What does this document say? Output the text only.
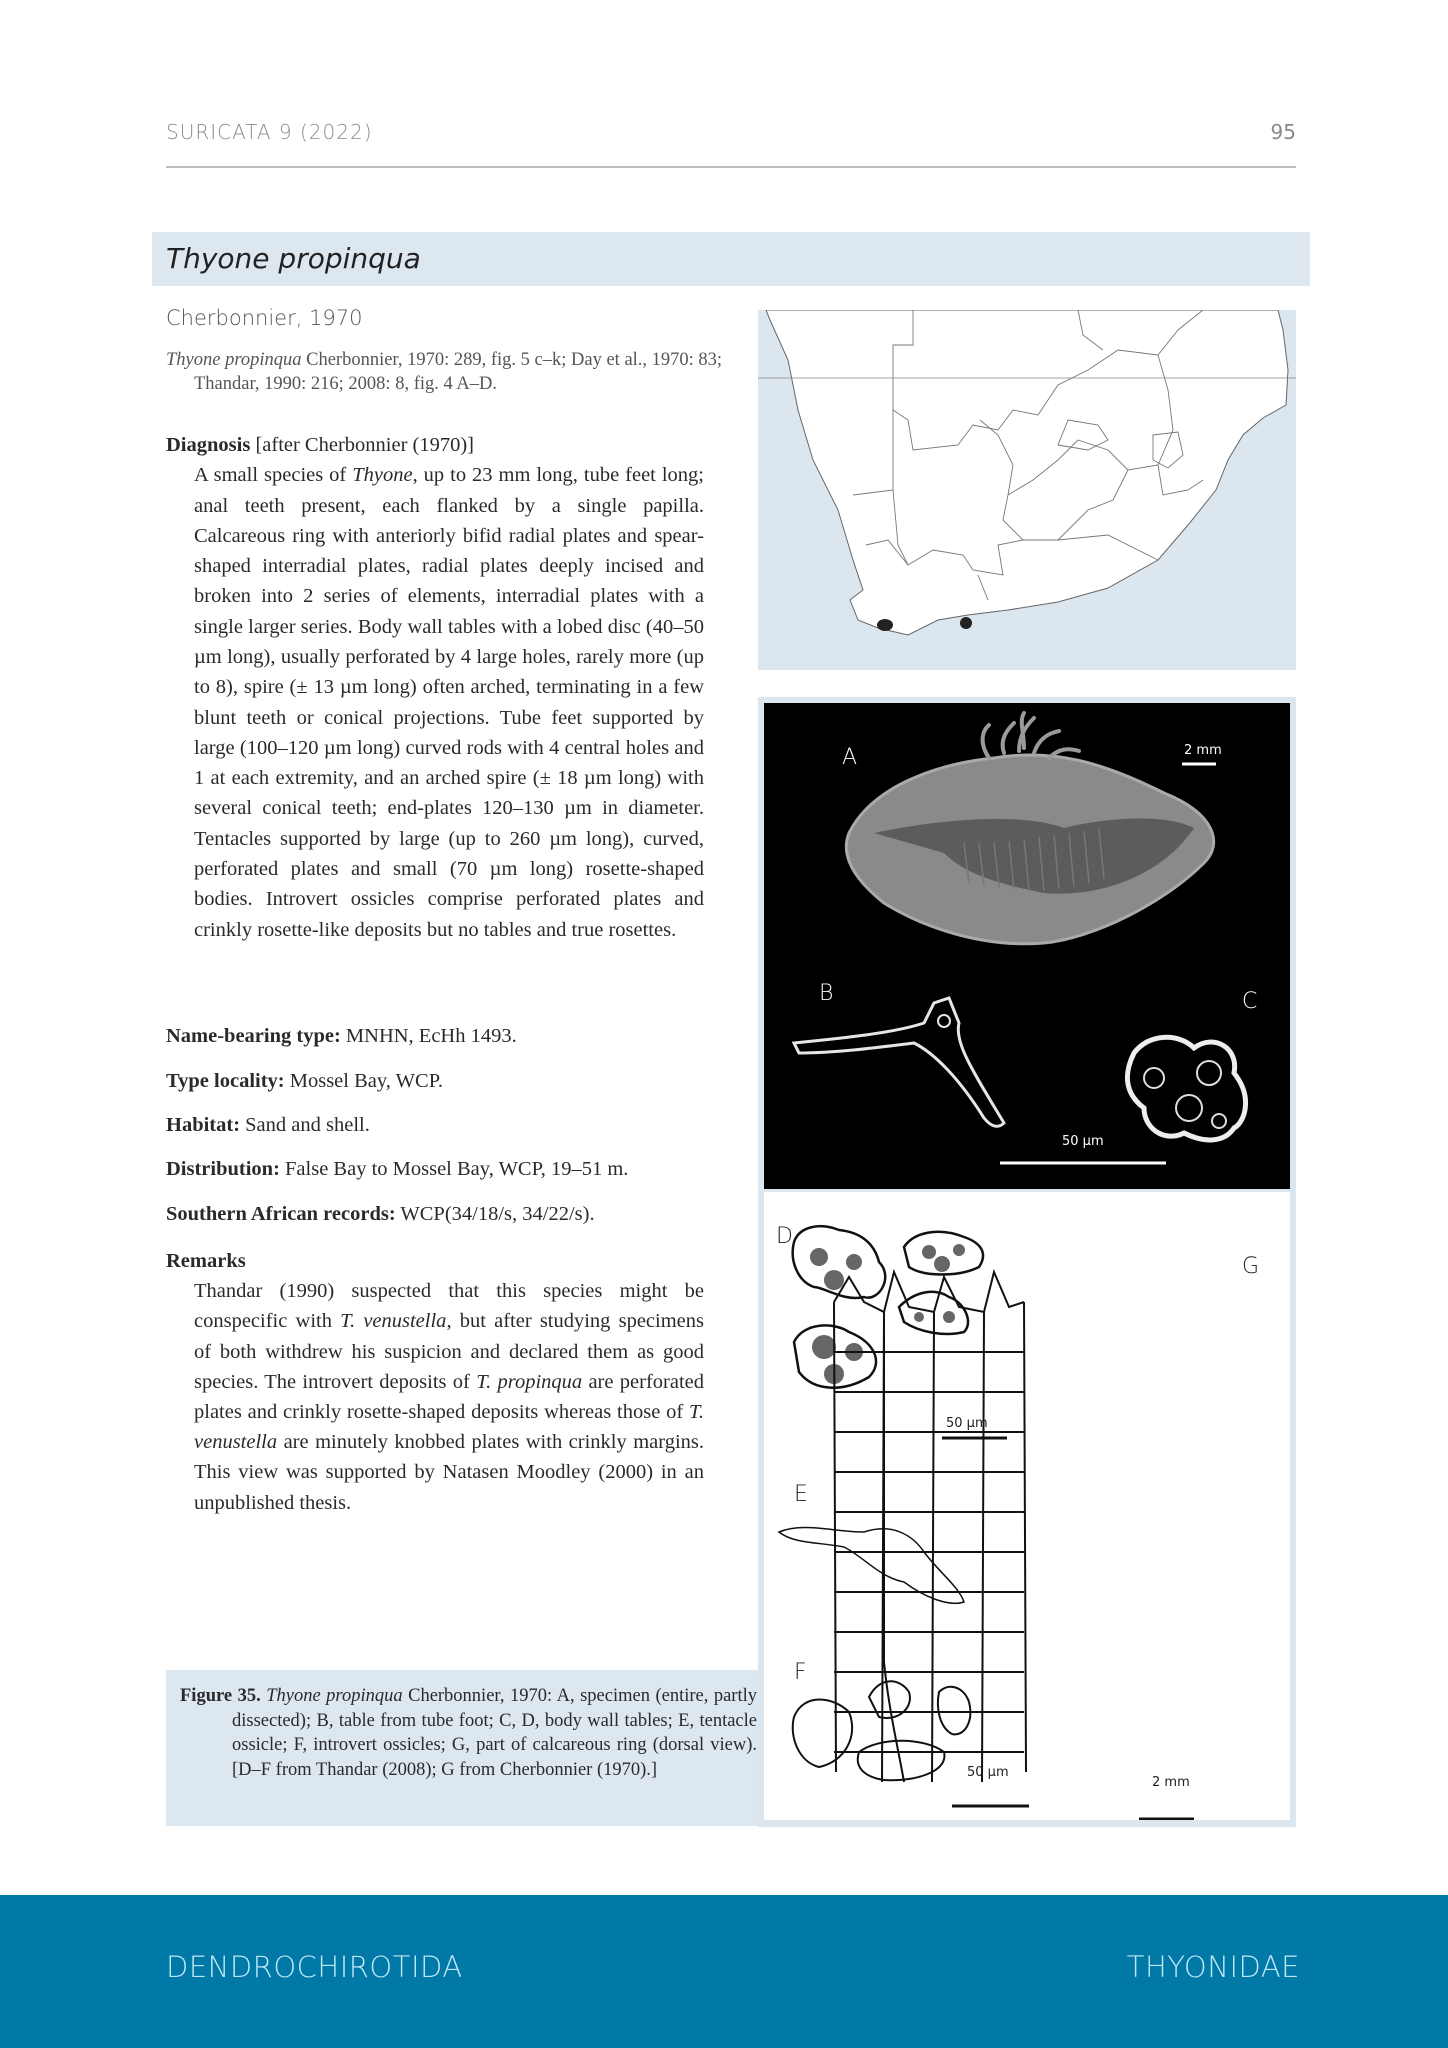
SURICATA 9 (2022)	95
Thyone propinqua
Cherbonnier, 1970
Thyone propinqua Cherbonnier, 1970: 289, fig. 5 c–k; Day et al., 1970: 83; Thandar, 1990: 216; 2008: 8, fig. 4 A–D.
Diagnosis [after Cherbonnier (1970)]
A small species of Thyone, up to 23 mm long, tube feet long; anal teeth present, each flanked by a single papilla. Calcareous ring with anteriorly bifid radial plates and spear-shaped interradial plates, radial plates deeply incised and broken into 2 series of elements, interradial plates with a single larger series. Body wall tables with a lobed disc (40–50 µm long), usually perforated by 4 large holes, rarely more (up to 8), spire (± 13 µm long) often arched, terminating in a few blunt teeth or conical projections. Tube feet supported by large (100–120 µm long) curved rods with 4 central holes and 1 at each extremity, and an arched spire (± 18 µm long) with several conical teeth; end-plates 120–130 µm in diameter. Tentacles supported by large (up to 260 µm long), curved, perforated plates and small (70 µm long) rosette-shaped bodies. Introvert ossicles comprise perforated plates and crinkly rosette-like deposits but no tables and true rosettes.
Name-bearing type: MNHN, EcHh 1493.
Type locality: Mossel Bay, WCP.
Habitat: Sand and shell.
Distribution: False Bay to Mossel Bay, WCP, 19–51 m.
Southern African records: WCP(34/18/s, 34/22/s).
Remarks
Thandar (1990) suspected that this species might be conspecific with T. venustella, but after studying specimens of both withdrew his suspicion and declared them as good species. The introvert deposits of T. propinqua are perforated plates and crinkly rosette-shaped deposits whereas those of T. venustella are minutely knobbed plates with crinkly margins. This view was supported by Natasen Moodley (2000) in an unpublished thesis.
Figure 35. Thyone propinqua Cherbonnier, 1970: A, specimen (entire, partly dissected); B, table from tube foot; C, D, body wall tables; E, tentacle ossicle; F, introvert ossicles; G, part of calcareous ring (dorsal view). [D–F from Thandar (2008); G from Cherbonnier (1970).]
A
B	C
2 mm
50 µm
D
E
F
G
50 µm
50 µm
2 mm
DENDROCHIROTIDA	THYONIDAE
